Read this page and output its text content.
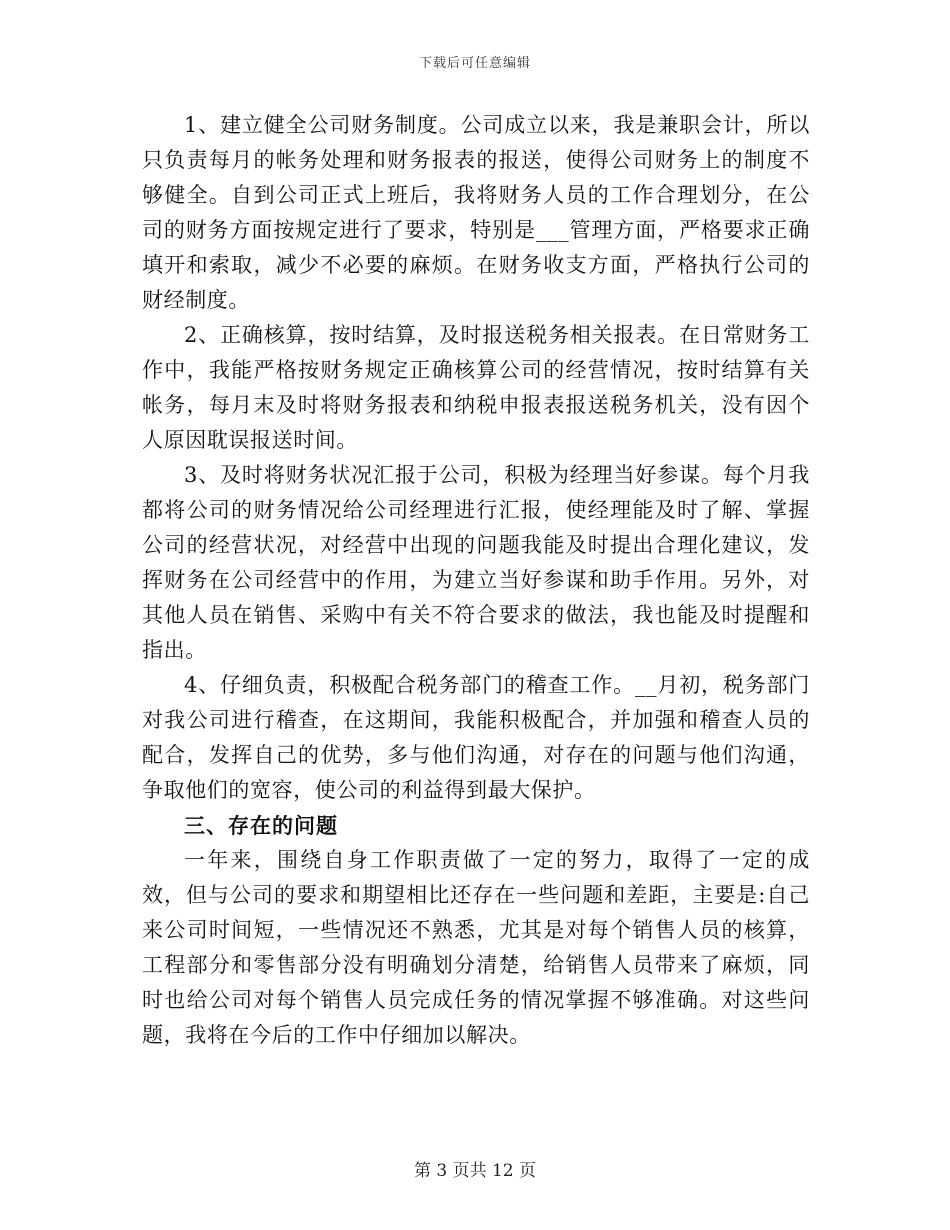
下载后可任意编辑

1、建立健全公司财务制度。公司成立以来，我是兼职会计，所以只负责每月的帐务处理和财务报表的报送，使得公司财务上的制度不够健全。自到公司正式上班后，我将财务人员的工作合理划分，在公司的财务方面按规定进行了要求，特别是___管理方面，严格要求正确填开和索取，减少不必要的麻烦。在财务收支方面，严格执行公司的财经制度。

2、正确核算，按时结算，及时报送税务相关报表。在日常财务工作中，我能严格按财务规定正确核算公司的经营情况，按时结算有关帐务，每月末及时将财务报表和纳税申报表报送税务机关，没有因个人原因耽误报送时间。

3、及时将财务状况汇报于公司，积极为经理当好参谋。每个月我都将公司的财务情况给公司经理进行汇报，使经理能及时了解、掌握公司的经营状况，对经营中出现的问题我能及时提出合理化建议，发挥财务在公司经营中的作用，为建立当好参谋和助手作用。另外，对其他人员在销售、采购中有关不符合要求的做法，我也能及时提醒和指出。

4、仔细负责，积极配合税务部门的稽查工作。__月初，税务部门对我公司进行稽查，在这期间，我能积极配合，并加强和稽查人员的配合，发挥自己的优势，多与他们沟通，对存在的问题与他们沟通，争取他们的宽容，使公司的利益得到最大保护。

三、存在的问题

一年来，围绕自身工作职责做了一定的努力，取得了一定的成效，但与公司的要求和期望相比还存在一些问题和差距，主要是:自己来公司时间短，一些情况还不熟悉，尤其是对每个销售人员的核算，工程部分和零售部分没有明确划分清楚，给销售人员带来了麻烦，同时也给公司对每个销售人员完成任务的情况掌握不够准确。对这些问题，我将在今后的工作中仔细加以解决。

第 3 页共 12 页
